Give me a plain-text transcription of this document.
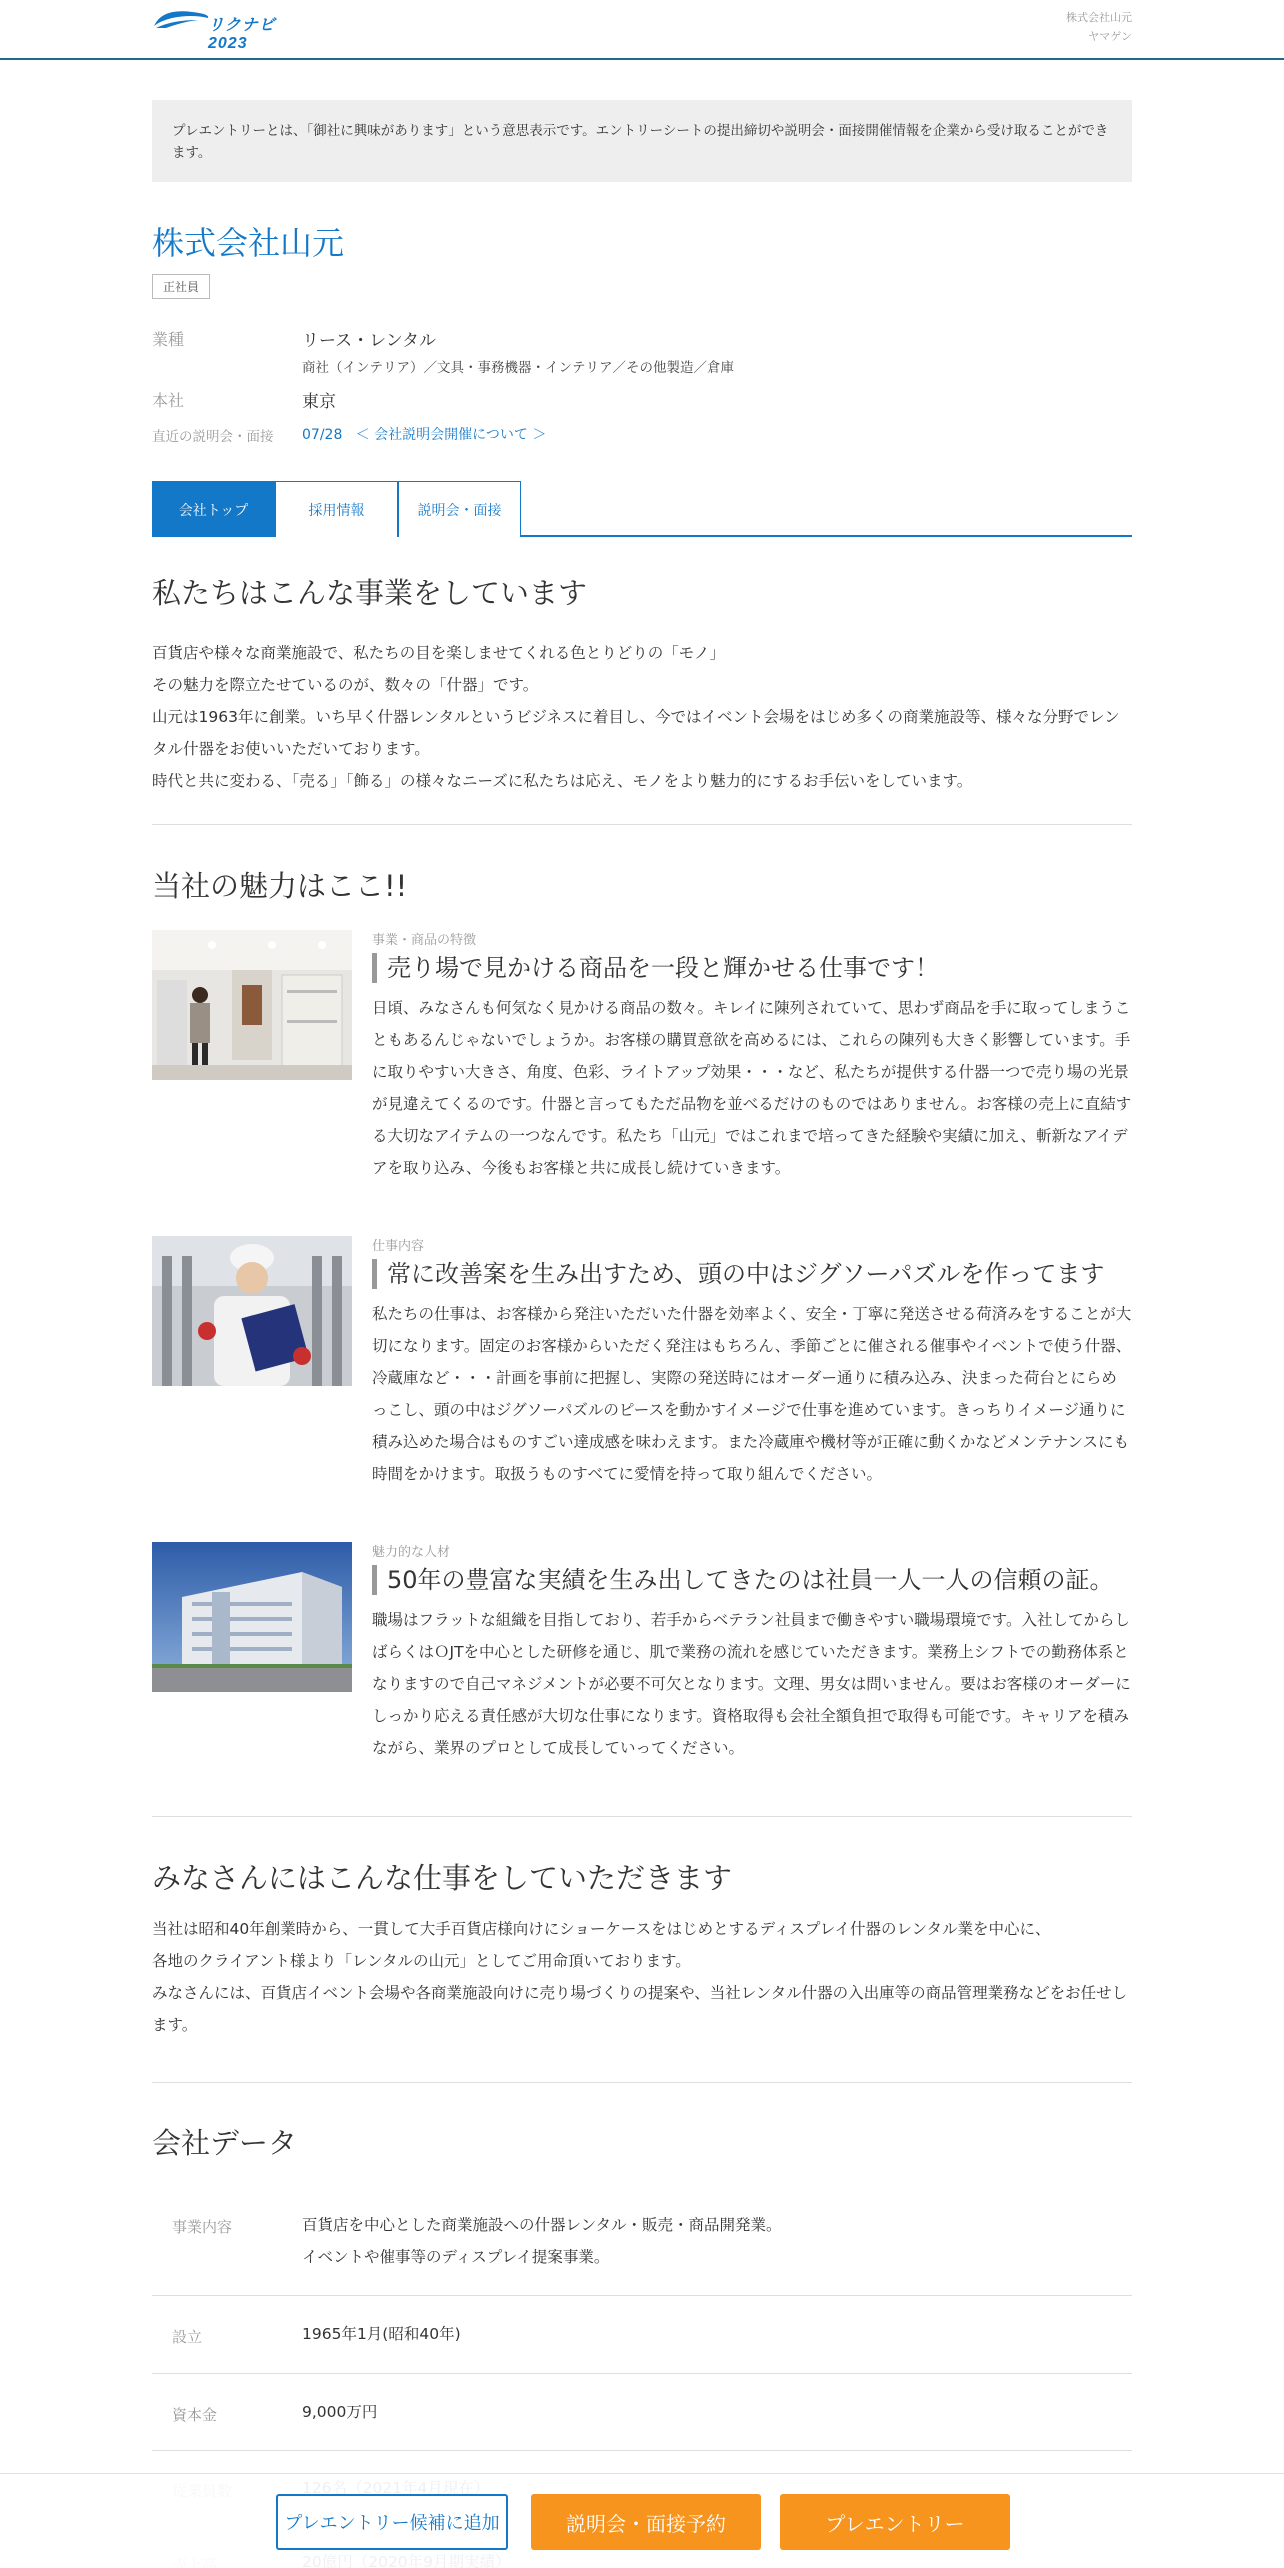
リクナビ 2023
株式会社山元
ヤマゲン
プレエントリーとは、「御社に興味があります」という意思表示です。エントリーシートの提出締切や説明会・面接開催情報を企業から受け取ることができます。
株式会社山元
正社員
業種	リース・レンタル
商社（インテリア）／文具・事務機器・インテリア／その他製造／倉庫
本社	東京
直近の説明会・面接 07/28 ＜ 会社説明会開催について ＞
会社トップ	採用情報	説明会・面接
私たちはこんな事業をしています
百貨店や様々な商業施設で、私たちの目を楽しませてくれる色とりどりの「モノ」
その魅力を際立たせているのが、数々の「什器」です。
山元は1963年に創業。いち早く什器レンタルというビジネスに着目し、今ではイベント会場をはじめ多くの商業施設等、様々な分野でレンタル什器をお使いいただいております。
時代と共に変わる、「売る」「飾る」の様々なニーズに私たちは応え、モノをより魅力的にするお手伝いをしています。
当社の魅力はここ!!
事業・商品の特徴
売り場で見かける商品を一段と輝かせる仕事です！
日頃、みなさんも何気なく見かける商品の数々。キレイに陳列されていて、思わず商品を手に取ってしまうこともあるんじゃないでしょうか。お客様の購買意欲を高めるには、これらの陳列も大きく影響しています。手に取りやすい大きさ、角度、色彩、ライトアップ効果・・・など、私たちが提供する什器一つで売り場の光景が見違えてくるのです。什器と言ってもただ品物を並べるだけのものではありません。お客様の売上に直結する大切なアイテムの一つなんです。私たち「山元」ではこれまで培ってきた経験や実績に加え、斬新なアイデアを取り込み、今後もお客様と共に成長し続けていきます。
仕事内容
常に改善案を生み出すため、頭の中はジグソーパズルを作ってます
私たちの仕事は、お客様から発注いただいた什器を効率よく、安全・丁寧に発送させる荷済みをすることが大切になります。固定のお客様からいただく発注はもちろん、季節ごとに催される催事やイベントで使う什器、冷蔵庫など・・・計画を事前に把握し、実際の発送時にはオーダー通りに積み込み、決まった荷台とにらめっこし、頭の中はジグソーパズルのピースを動かすイメージで仕事を進めています。きっちりイメージ通りに積み込めた場合はものすごい達成感を味わえます。また冷蔵庫や機材等が正確に動くかなどメンテナンスにも時間をかけます。取扱うものすべてに愛情を持って取り組んでください。
魅力的な人材
50年の豊富な実績を生み出してきたのは社員一人一人の信頼の証。
職場はフラットな組織を目指しており、若手からベテラン社員まで働きやすい職場環境です。入社してからしばらくはＯJTを中心とした研修を通じ、肌で業務の流れを感じていただきます。業務上シフトでの勤務体系となりますので自己マネジメントが必要不可欠となります。文理、男女は問いません。要はお客様のオーダーにしっかり応える責任感が大切な仕事になります。資格取得も会社全額負担で取得も可能です。キャリアを積みながら、業界のプロとして成長していってください。
みなさんにはこんな仕事をしていただきます
当社は昭和40年創業時から、一貫して大手百貨店様向けにショーケースをはじめとするディスプレイ什器のレンタル業を中心に、
各地のクライアント様より「レンタルの山元」としてご用命頂いております。
みなさんには、百貨店イベント会場や各商業施設向けに売り場づくりの提案や、当社レンタル什器の入出庫等の商品管理業務などをお任せします。
会社データ
事業内容	百貨店を中心とした商業施設への什器レンタル・販売・商品開発業。
イベントや催事等のディスプレイ提案事業。
設立	1965年1月(昭和40年)
資本金	9,000万円
プレエントリー候補に追加	説明会・面接予約	プレエントリー
